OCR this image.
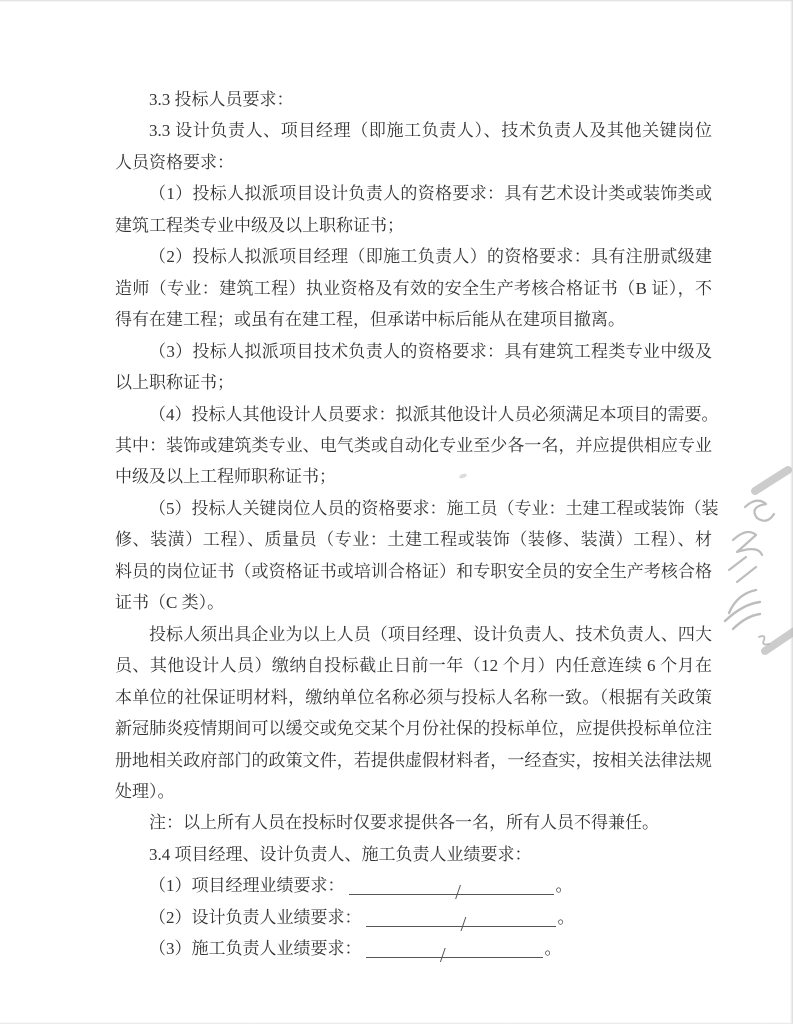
3.3 投标人员要求：
3.3 设计负责人、项目经理（即施工负责人）、技术负责人及其他关键岗位
人员资格要求：
（1）投标人拟派项目设计负责人的资格要求：具有艺术设计类或装饰类或
建筑工程类专业中级及以上职称证书；
（2）投标人拟派项目经理（即施工负责人）的资格要求：具有注册贰级建
造师（专业：建筑工程）执业资格及有效的安全生产考核合格证书（B 证），不
得有在建工程；或虽有在建工程，但承诺中标后能从在建项目撤离。
（3）投标人拟派项目技术负责人的资格要求：具有建筑工程类专业中级及
以上职称证书；
（4）投标人其他设计人员要求：拟派其他设计人员必须满足本项目的需要。
其中：装饰或建筑类专业、电气类或自动化专业至少各一名，并应提供相应专业
中级及以上工程师职称证书；
（5）投标人关键岗位人员的资格要求：施工员（专业：土建工程或装饰（装
修、装潢）工程）、质量员（专业：土建工程或装饰（装修、装潢）工程）、材
料员的岗位证书（或资格证书或培训合格证）和专职安全员的安全生产考核合格
证书（C 类）。
投标人须出具企业为以上人员（项目经理、设计负责人、技术负责人、四大
员、其他设计人员）缴纳自投标截止日前一年（12 个月）内任意连续 6 个月在
本单位的社保证明材料，缴纳单位名称必须与投标人名称一致。（根据有关政策
新冠肺炎疫情期间可以缓交或免交某个月份社保的投标单位，应提供投标单位注
册地相关政府部门的政策文件，若提供虚假材料者，一经查实，按相关法律法规
处理）。
注：以上所有人员在投标时仅要求提供各一名，所有人员不得兼任。
3.4 项目经理、设计负责人、施工负责人业绩要求：
（1）项目经理业绩要求：	/	。
（2）设计负责人业绩要求：	/	。
（3）施工负责人业绩要求：	/	。
